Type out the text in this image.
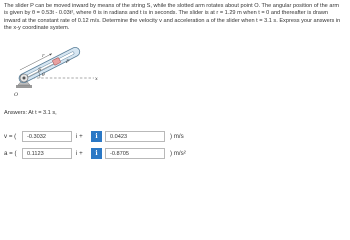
The slider P can be moved inward by means of the string S, while the slotted arm rotates about point O. The angular position of the arm is given by θ = 0.53t - 0.03t², where θ is in radians and t is in seconds. The slider is at r = 1.29 m when t = 0 and thereafter is drawn inward at the constant rate of 0.12 m/s. Determine the velocity v and acceleration a of the slider when t = 3.1 s. Express your answers in the x-y coordinate system.
r
S
P
θ
O
x
Answers: At t = 3.1 s,
v = (	-0.3032	i +	i	0.0423	) m/s
a = (	0.1123	i +	i	-0.8705	) m/s²
